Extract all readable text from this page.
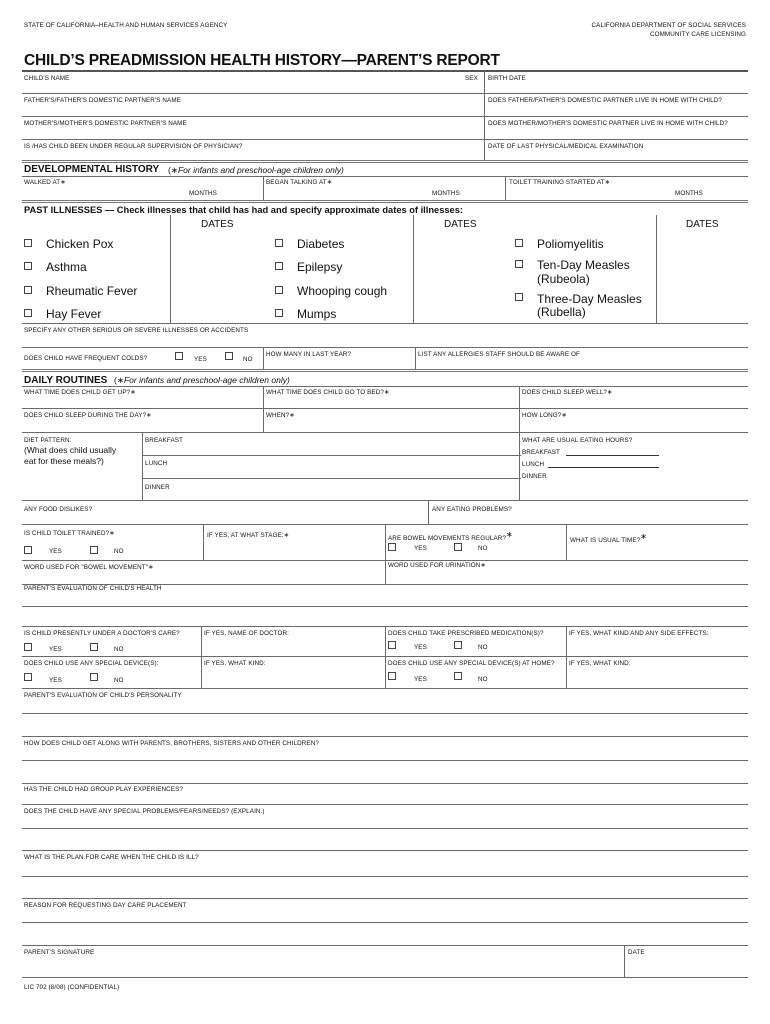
STATE OF CALIFORNIA–HEALTH AND HUMAN SERVICES AGENCY	CALIFORNIA DEPARTMENT OF SOCIAL SERVICES
COMMUNITY CARE LICENSING
CHILD’S PREADMISSION HEALTH HISTORY—PARENT’S REPORT
CHILD'S NAME	SEX BIRTH DATE
FATHER'S/FATHER'S DOMESTIC PARTNER'S NAME	DOES FATHER/FATHER'S DOMESTIC PARTNER LIVE IN HOME WITH CHILD?
MOTHER'S/MOTHER'S DOMESTIC PARTNER'S NAME	DOES MOTHER/MOTHER'S DOMESTIC PARTNER LIVE IN HOME WITH CHILD?
IS /HAS CHILD BEEN UNDER REGULAR SUPERVISION OF PHYSICIAN?	DATE OF LAST PHYSICAL/MEDICAL EXAMINATION
DEVELOPMENTAL HISTORY (∗For infants and preschool-age children only)
WALKED AT∗
MONTHS
BEGAN TALKING AT∗
MONTHS
TOILET TRAINING STARTED AT∗
MONTHS
PAST ILLNESSES — Check illnesses that child has had and specify approximate dates of illnesses:
DATES	DATES	DATES
Chicken Pox
Asthma
Rheumatic Fever
Hay Fever
Diabetes
Epilepsy
Whooping cough
Mumps
Poliomyelitis
Ten-Day Measles
(Rubeola)
Three-Day Measles
(Rubella)
SPECIFY ANY OTHER SERIOUS OR SEVERE ILLNESSES OR ACCIDENTS
DOES CHILD HAVE FREQUENT COLDS?	YES	NO
HOW MANY IN LAST YEAR?	LIST ANY ALLERGIES STAFF SHOULD BE AWARE OF
DAILY ROUTINES (∗For infants and preschool-age children only)
WHAT TIME DOES CHILD GET UP?∗	WHAT TIME DOES CHILD GO TO BED?∗	DOES CHILD SLEEP WELL?∗
DOES CHILD SLEEP DURING THE DAY?∗	WHEN?∗	HOW LONG?∗
DIET PATTERN:
(What does child usually
eat for these meals?)
BREAKFAST
LUNCH
DINNER
WHAT ARE USUAL EATING HOURS?
BREAKFAST
LUNCH
DINNER
ANY FOOD DISLIKES?	ANY EATING PROBLEMS?
IS CHILD TOILET TRAINED?∗
YES	NO
IF YES, AT WHAT STAGE:∗	ARE BOWEL MOVEMENTS REGULAR?∗
YES	NO
WHAT IS USUAL TIME?∗
WORD USED FOR "BOWEL MOVEMENT"∗	WORD USED FOR URINATION∗
PARENT'S EVALUATION OF CHILD'S HEALTH
IS CHILD PRESENTLY UNDER A DOCTOR'S CARE?
YES	NO
IF YES, NAME OF DOCTOR:	DOES CHILD TAKE PRESCRIBED MEDICATION(S)?
YES	NO
IF YES, WHAT KIND AND ANY SIDE EFFECTS:
DOES CHILD USE ANY SPECIAL DEVICE(S):
YES	NO
IF YES, WHAT KIND:	DOES CHILD USE ANY SPECIAL DEVICE(S) AT HOME?
YES	NO
IF YES, WHAT KIND:
PARENT'S EVALUATION OF CHILD'S PERSONALITY
HOW DOES CHILD GET ALONG WITH PARENTS, BROTHERS, SISTERS AND OTHER CHILDREN?
HAS THE CHILD HAD GROUP PLAY EXPERIENCES?
DOES THE CHILD HAVE ANY SPECIAL PROBLEMS/FEARS/NEEDS? (EXPLAIN.)
WHAT IS THE PLAN FOR CARE WHEN THE CHILD IS ILL?
REASON FOR REQUESTING DAY CARE PLACEMENT
PARENT'S SIGNATURE	DATE
LIC 702 (8/08) (CONFIDENTIAL)
